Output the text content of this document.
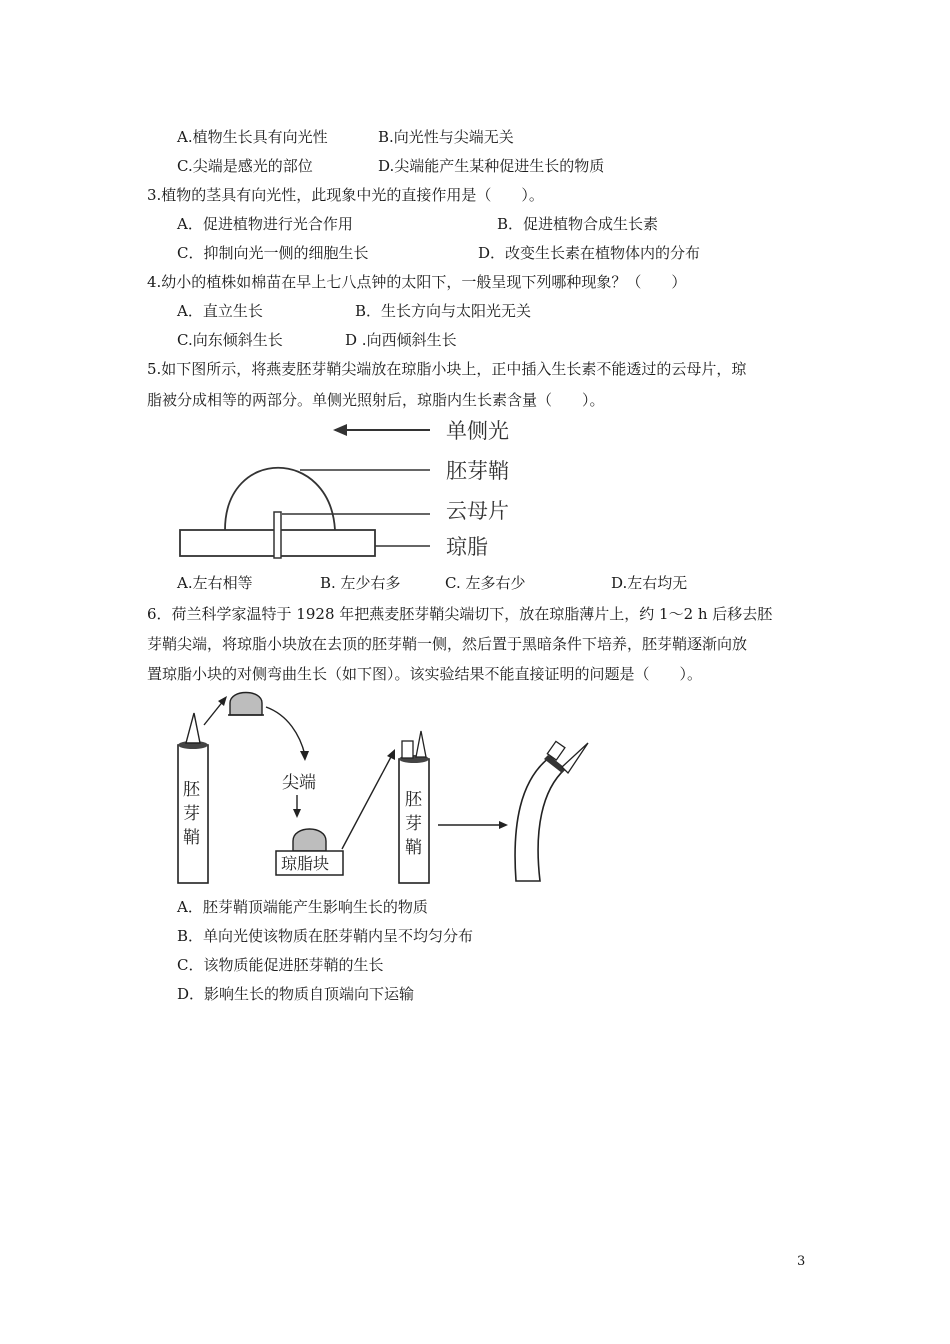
A.植物生长具有向光性	B.向光性与尖端无关
C.尖端是感光的部位	D.尖端能产生某种促进生长的物质
3.植物的茎具有向光性，此现象中光的直接作用是（　　）。
A．促进植物进行光合作用	B．促进植物合成生长素
C．抑制向光一侧的细胞生长	D．改变生长素在植物体内的分布
4.幼小的植株如棉苗在早上七八点钟的太阳下，一般呈现下列哪种现象？（　　）
A．直立生长	B．生长方向与太阳光无关
C.向东倾斜生长	D .向西倾斜生长
5.如下图所示，将燕麦胚芽鞘尖端放在琼脂小块上，正中插入生长素不能透过的云母片，琼
脂被分成相等的两部分。单侧光照射后，琼脂内生长素含量（　　）。
单侧光
胚芽鞘
云母片
琼脂
A.左右相等	B. 左少右多	C. 左多右少	D.左右均无
6．荷兰科学家温特于 1928 年把燕麦胚芽鞘尖端切下，放在琼脂薄片上，约 1～2 h 后移去胚
芽鞘尖端，将琼脂小块放在去顶的胚芽鞘一侧，然后置于黑暗条件下培养，胚芽鞘逐渐向放
置琼脂小块的对侧弯曲生长（如下图）。该实验结果不能直接证明的问题是（　　）。
胚
芽
鞘
尖端
琼脂块
胚
芽
鞘
A．胚芽鞘顶端能产生影响生长的物质
B．单向光使该物质在胚芽鞘内呈不均匀分布
C．该物质能促进胚芽鞘的生长
D．影响生长的物质自顶端向下运输
3
